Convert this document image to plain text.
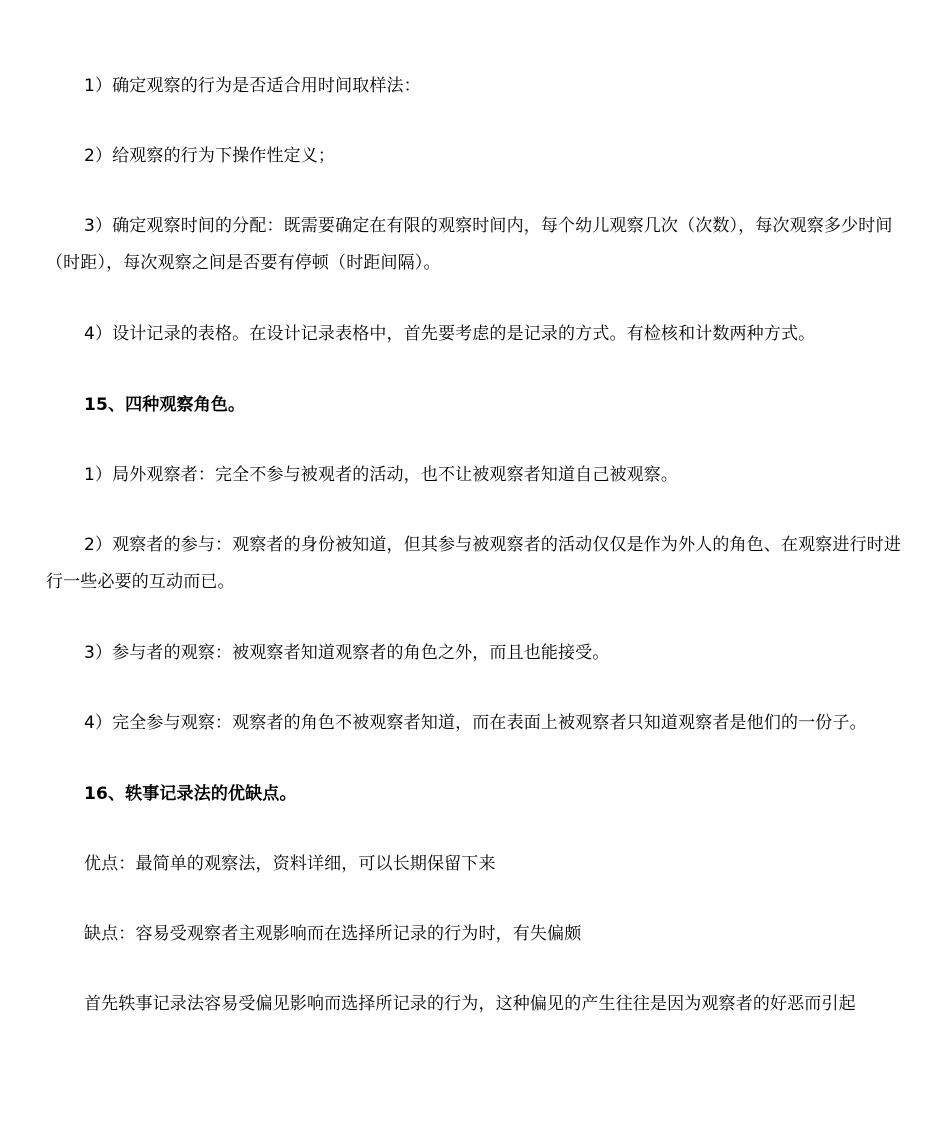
1）确定观察的行为是否适合用时间取样法：

2）给观察的行为下操作性定义；

3）确定观察时间的分配：既需要确定在有限的观察时间内，每个幼儿观察几次（次数），每次观察多少时间（时距），每次观察之间是否要有停顿（时距间隔）。

4）设计记录的表格。在设计记录表格中，首先要考虑的是记录的方式。有检核和计数两种方式。

15、四种观察角色。

1）局外观察者：完全不参与被观者的活动，也不让被观察者知道自己被观察。

2）观察者的参与：观察者的身份被知道，但其参与被观察者的活动仅仅是作为外人的角色、在观察进行时进行一些必要的互动而已。

3）参与者的观察：被观察者知道观察者的角色之外，而且也能接受。

4）完全参与观察：观察者的角色不被观察者知道，而在表面上被观察者只知道观察者是他们的一份子。

16、轶事记录法的优缺点。

优点：最简单的观察法，资料详细，可以长期保留下来

缺点：容易受观察者主观影响而在选择所记录的行为时，有失偏颇

首先轶事记录法容易受偏见影响而选择所记录的行为，这种偏见的产生往往是因为观察者的好恶而引起
